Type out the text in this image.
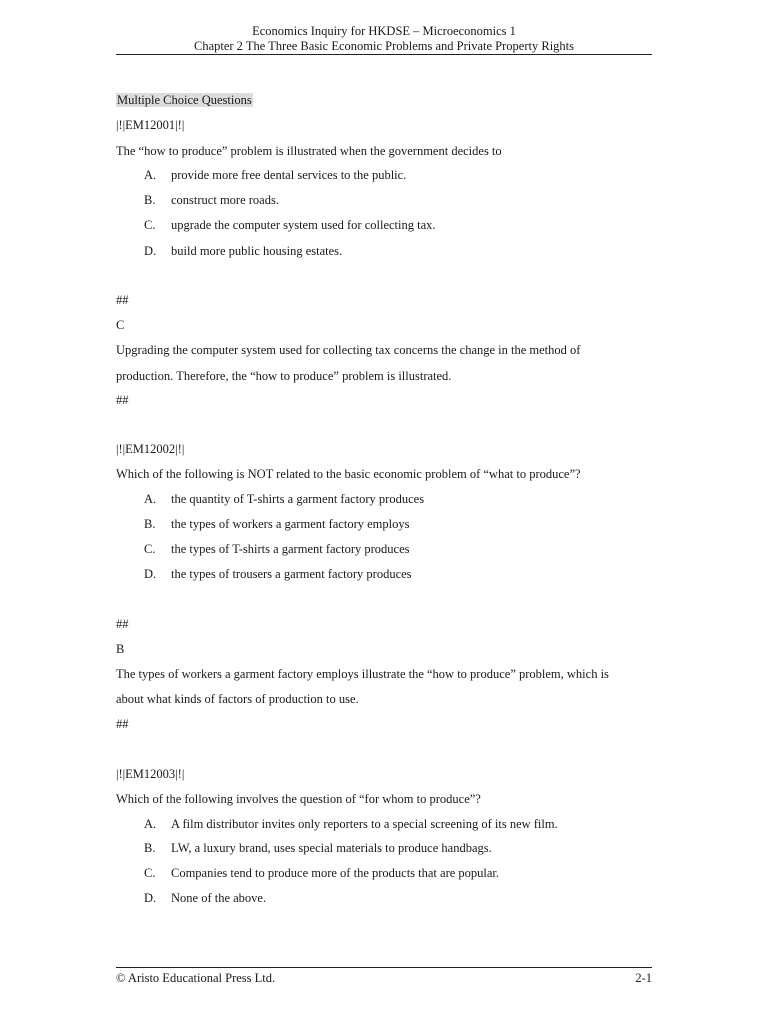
Economics Inquiry for HKDSE – Microeconomics 1
Chapter 2 The Three Basic Economic Problems and Private Property Rights
Multiple Choice Questions
|!|EM12001|!|
The “how to produce” problem is illustrated when the government decides to
A. provide more free dental services to the public.
B. construct more roads.
C. upgrade the computer system used for collecting tax.
D. build more public housing estates.
##
C
Upgrading the computer system used for collecting tax concerns the change in the method of
production. Therefore, the “how to produce” problem is illustrated.
##
|!|EM12002|!|
Which of the following is NOT related to the basic economic problem of “what to produce”?
A. the quantity of T-shirts a garment factory produces
B. the types of workers a garment factory employs
C. the types of T-shirts a garment factory produces
D. the types of trousers a garment factory produces
##
B
The types of workers a garment factory employs illustrate the “how to produce” problem, which is
about what kinds of factors of production to use.
##
|!|EM12003|!|
Which of the following involves the question of “for whom to produce”?
A. A film distributor invites only reporters to a special screening of its new film.
B. LW, a luxury brand, uses special materials to produce handbags.
C. Companies tend to produce more of the products that are popular.
D. None of the above.
© Aristo Educational Press Ltd.	2-1
